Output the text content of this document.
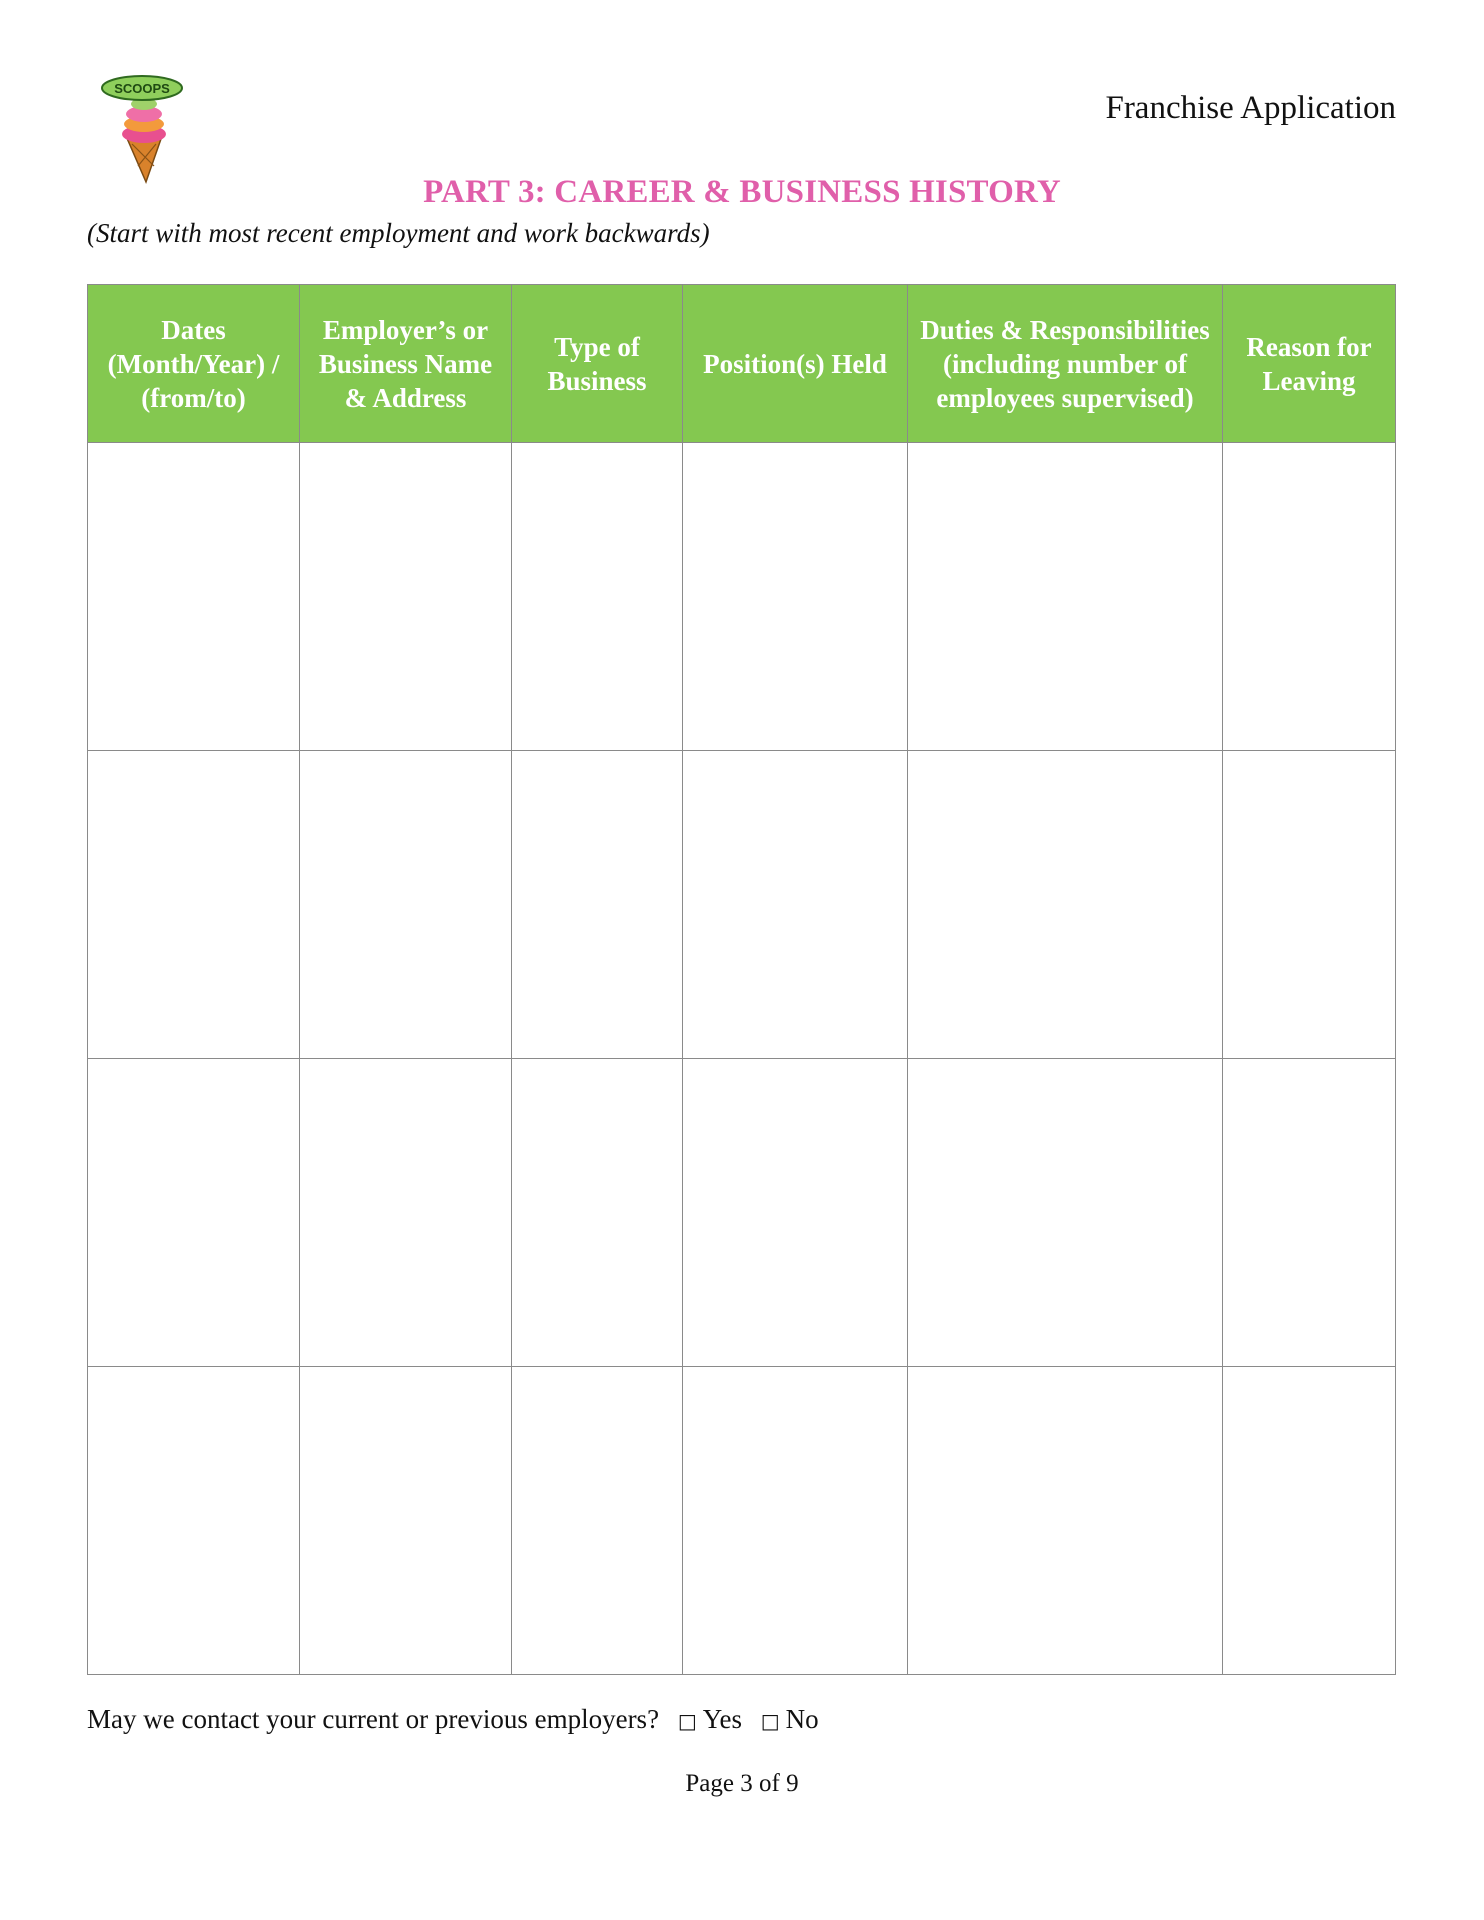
SCOOPS
Franchise Application
PART 3: CAREER & BUSINESS HISTORY
(Start with most recent employment and work backwards)
Dates (Month/Year) / (from/to)	Employer’s or Business Name & Address	Type of Business	Position(s) Held	Duties & Responsibilities (including number of employees supervised)	Reason for Leaving

May we contact your current or previous employers? □ Yes □ No
Page 3 of 9
